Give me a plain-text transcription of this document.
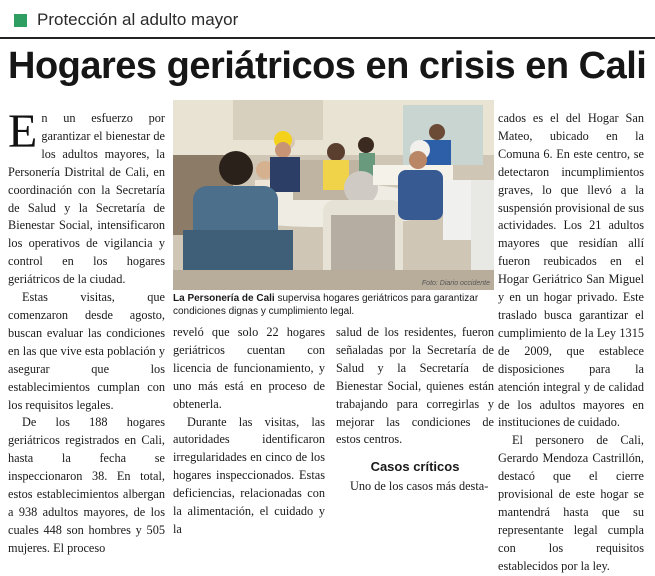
Protección al adulto mayor
Hogares geriátricos en crisis en Cali

En un esfuerzo por garantizar el bienestar de los adultos mayores, la Personería Distrital de Cali, en coordinación con la Secretaría de Salud y la Secretaría de Bienestar Social, intensificaron los operativos de vigilancia y control en los hogares geriátricos de la ciudad.

Estas visitas, que comenzaron desde agosto, buscan evaluar las condiciones en las que vive esta población y asegurar que los establecimientos cumplan con los requisitos legales.

De los 188 hogares geriátricos registrados en Cali, hasta la fecha se inspeccionaron 38. En total, estos establecimientos albergan a 938 adultos mayores, de los cuales 448 son hombres y 505 mujeres. El proceso

Foto: Diario occidente
La Personería de Cali supervisa hogares geriátricos para garantizar condiciones dignas y cumplimiento legal.

reveló que solo 22 hogares geriátricos cuentan con licencia de funcionamiento, y uno más está en proceso de obtenerla.

Durante las visitas, las autoridades identificaron irregularidades en cinco de los hogares inspeccionados. Estas deficiencias, relacionadas con la alimentación, el cuidado y la

salud de los residentes, fueron señaladas por la Secretaría de Salud y la Secretaría de Bienestar Social, quienes están trabajando para corregirlas y mejorar las condiciones de estos centros.

Casos críticos

Uno de los casos más desta-

cados es el del Hogar San Mateo, ubicado en la Comuna 6. En este centro, se detectaron incumplimientos graves, lo que llevó a la suspensión provisional de sus actividades. Los 21 adultos mayores que residían allí fueron reubicados en el Hogar Geriátrico San Miguel y en un hogar privado. Este traslado busca garantizar el cumplimiento de la Ley 1315 de 2009, que establece disposiciones para la atención integral y de calidad de los adultos mayores en instituciones de cuidado.

El personero de Cali, Gerardo Mendoza Castrillón, destacó que el cierre provisional de este hogar se mantendrá hasta que su representante legal cumpla con los requisitos establecidos por la ley.
